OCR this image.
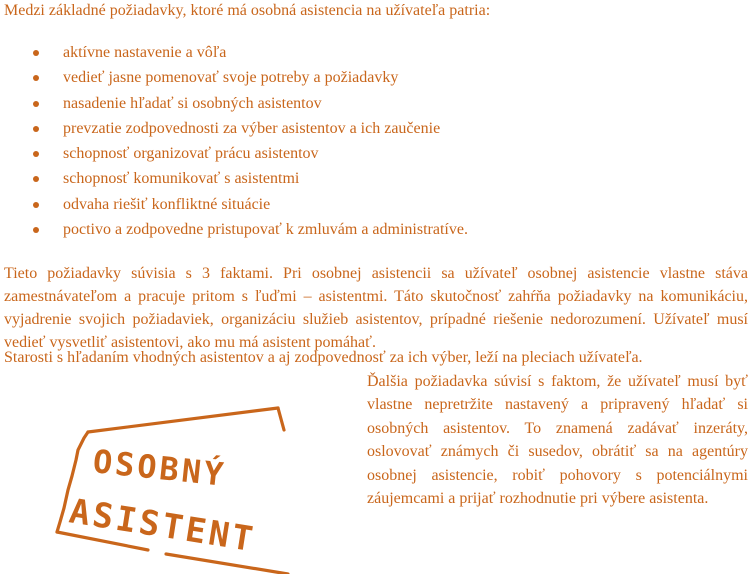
Medzi základné požiadavky, ktoré má osobná asistencia na užívateľa patria:

aktívne nastavenie a vôľa
vedieť jasne pomenovať svoje potreby a požiadavky
nasadenie hľadať si osobných asistentov
prevzatie zodpovednosti za výber asistentov a ich zaučenie
schopnosť organizovať prácu asistentov
schopnosť komunikovať s asistentmi
odvaha riešiť konfliktné situácie
poctivo a zodpovedne pristupovať k zmluvám a administratíve.

Tieto požiadavky súvisia s 3 faktami. Pri osobnej asistencii sa užívateľ osobnej asistencie vlastne stáva zamestnávateľom a pracuje pritom s ľuďmi – asistentmi. Táto skutočnosť zahŕňa požiadavky na komunikáciu, vyjadrenie svojich požiadaviek, organizáciu služieb asistentov, prípadné riešenie nedorozumení. Užívateľ musí vedieť vysvetliť asistentovi, ako mu má asistent pomáhať.

Starosti s hľadaním vhodných asistentov a aj zodpovednosť za ich výber, leží na pleciach užívateľa.

Ďalšia požiadavka súvisí s faktom, že užívateľ musí byť vlastne nepretržite nastavený a pripravený hľadať si osobných asistentov. To znamená zadávať inzeráty, oslovovať známych či susedov, obrátiť sa na agentúry osobnej asistencie, robiť pohovory s potenciálnymi záujemcami a prijať rozhodnutie pri výbere asistenta.

OSOBNÝ
ASISTENT
